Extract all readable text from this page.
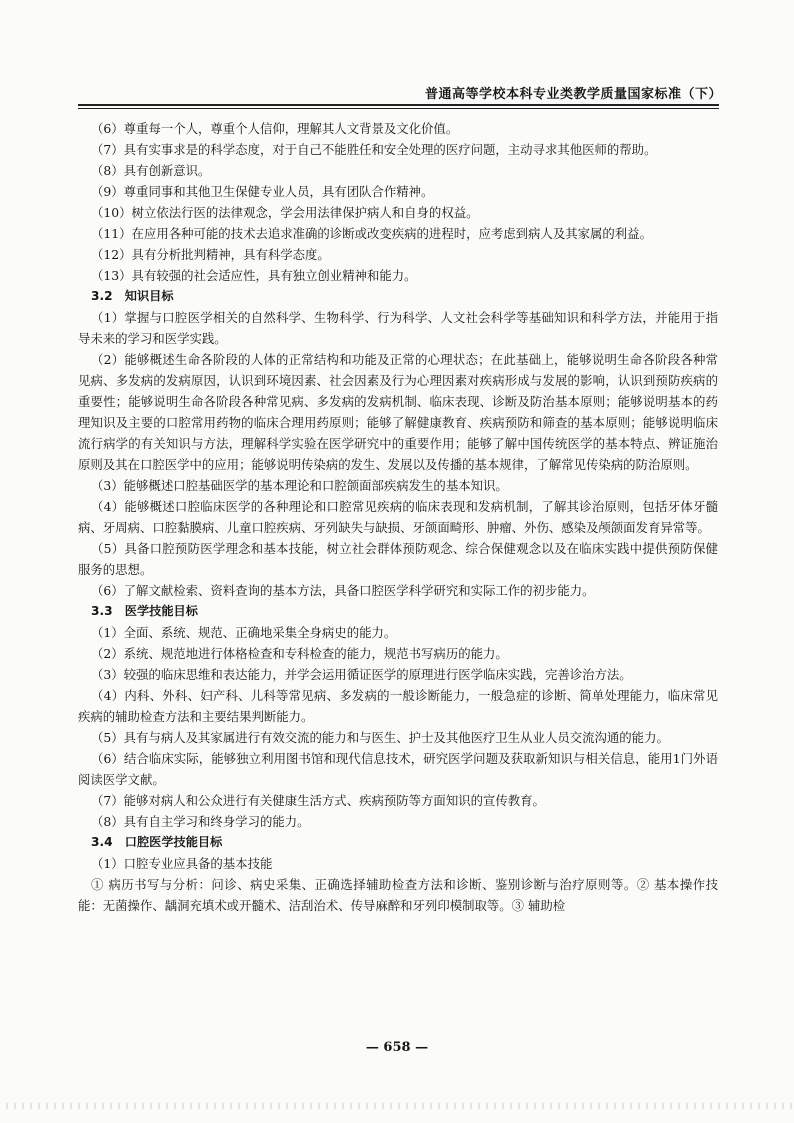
普通高等学校本科专业类教学质量国家标准（下）

（6）尊重每一个人，尊重个人信仰，理解其人文背景及文化价值。

（7）具有实事求是的科学态度，对于自己不能胜任和安全处理的医疗问题，主动寻求其他医师的帮助。

（8）具有创新意识。

（9）尊重同事和其他卫生保健专业人员，具有团队合作精神。

（10）树立依法行医的法律观念，学会用法律保护病人和自身的权益。

（11）在应用各种可能的技术去追求准确的诊断或改变疾病的进程时，应考虑到病人及其家属的利益。

（12）具有分析批判精神，具有科学态度。

（13）具有较强的社会适应性，具有独立创业精神和能力。

3.2　知识目标

（1）掌握与口腔医学相关的自然科学、生物科学、行为科学、人文社会科学等基础知识和科学方法，并能用于指导未来的学习和医学实践。

（2）能够概述生命各阶段的人体的正常结构和功能及正常的心理状态；在此基础上，能够说明生命各阶段各种常见病、多发病的发病原因，认识到环境因素、社会因素及行为心理因素对疾病形成与发展的影响，认识到预防疾病的重要性；能够说明生命各阶段各种常见病、多发病的发病机制、临床表现、诊断及防治基本原则；能够说明基本的药理知识及主要的口腔常用药物的临床合理用药原则；能够了解健康教育、疾病预防和筛查的基本原则；能够说明临床流行病学的有关知识与方法，理解科学实验在医学研究中的重要作用；能够了解中国传统医学的基本特点、辨证施治原则及其在口腔医学中的应用；能够说明传染病的发生、发展以及传播的基本规律，了解常见传染病的防治原则。

（3）能够概述口腔基础医学的基本理论和口腔颌面部疾病发生的基本知识。

（4）能够概述口腔临床医学的各种理论和口腔常见疾病的临床表现和发病机制，了解其诊治原则，包括牙体牙髓病、牙周病、口腔黏膜病、儿童口腔疾病、牙列缺失与缺损、牙颌面畸形、肿瘤、外伤、感染及颅颌面发育异常等。

（5）具备口腔预防医学理念和基本技能，树立社会群体预防观念、综合保健观念以及在临床实践中提供预防保健服务的思想。

（6）了解文献检索、资料查询的基本方法，具备口腔医学科学研究和实际工作的初步能力。

3.3　医学技能目标

（1）全面、系统、规范、正确地采集全身病史的能力。

（2）系统、规范地进行体格检查和专科检查的能力，规范书写病历的能力。

（3）较强的临床思维和表达能力，并学会运用循证医学的原理进行医学临床实践，完善诊治方法。

（4）内科、外科、妇产科、儿科等常见病、多发病的一般诊断能力，一般急症的诊断、简单处理能力，临床常见疾病的辅助检查方法和主要结果判断能力。

（5）具有与病人及其家属进行有效交流的能力和与医生、护士及其他医疗卫生从业人员交流沟通的能力。

（6）结合临床实际，能够独立利用图书馆和现代信息技术，研究医学问题及获取新知识与相关信息，能用1门外语阅读医学文献。

（7）能够对病人和公众进行有关健康生活方式、疾病预防等方面知识的宣传教育。

（8）具有自主学习和终身学习的能力。

3.4　口腔医学技能目标

（1）口腔专业应具备的基本技能

① 病历书写与分析：问诊、病史采集、正确选择辅助检查方法和诊断、鉴别诊断与治疗原则等。② 基本操作技能：无菌操作、龋洞充填术或开髓术、洁刮治术、传导麻醉和牙列印模制取等。③ 辅助检

— 658 —
